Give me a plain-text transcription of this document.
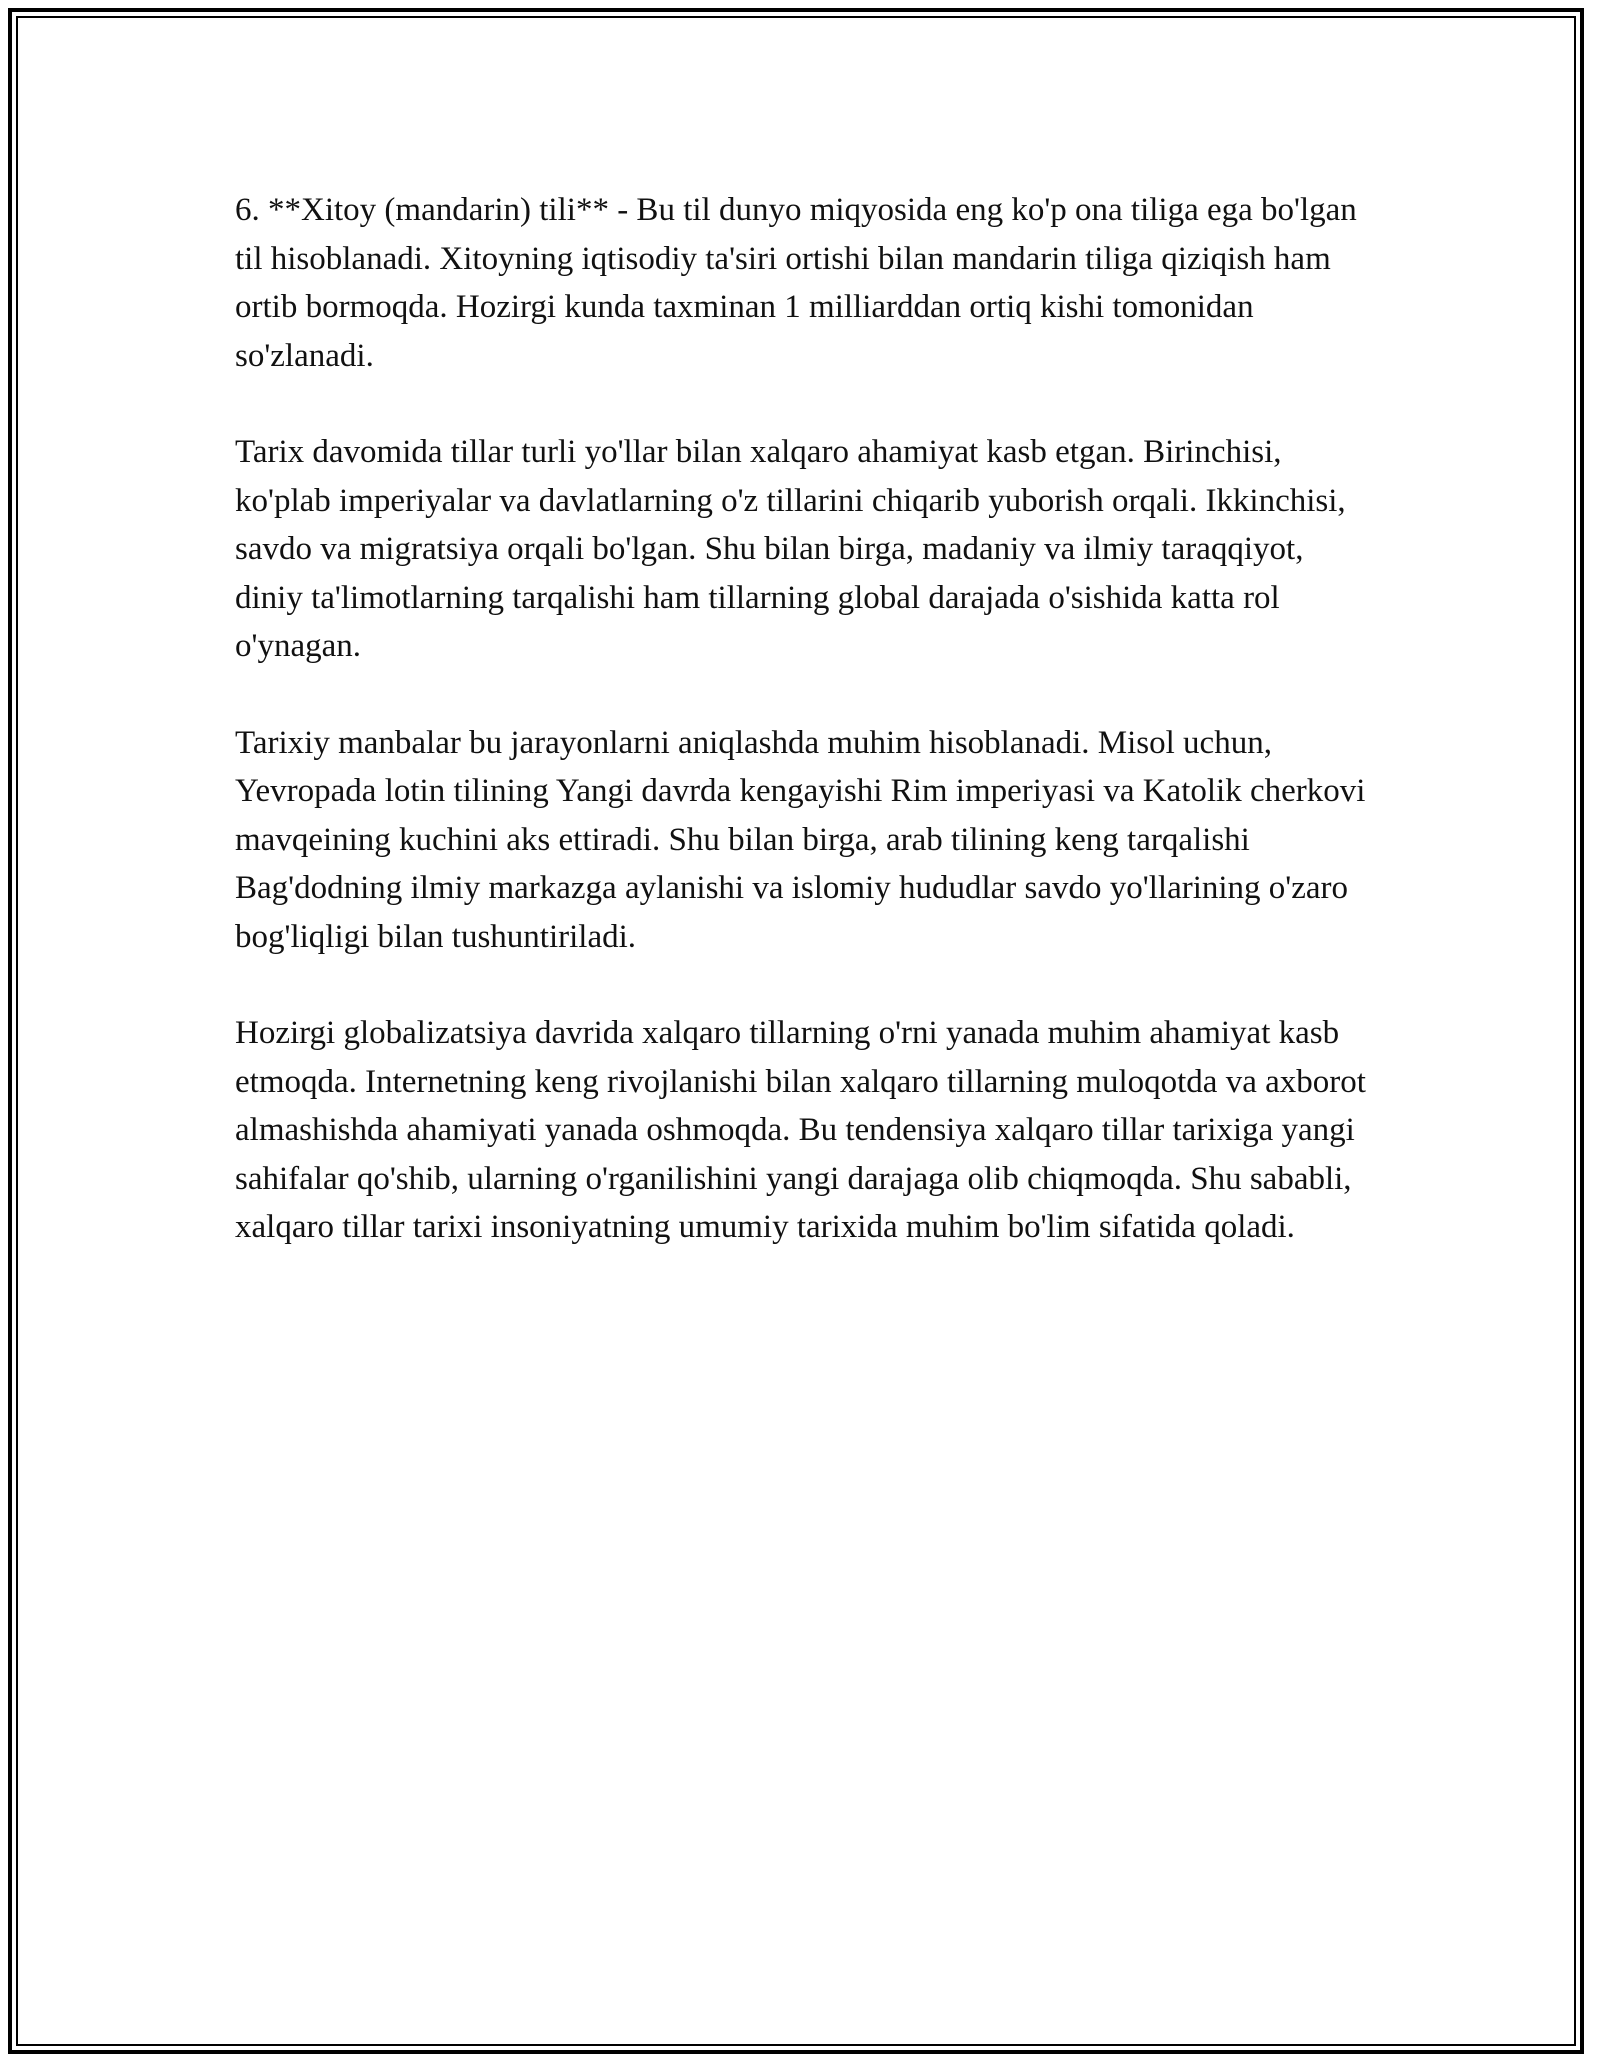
6. **Xitoy (mandarin) tili** - Bu til dunyo miqyosida eng ko'p ona tiliga ega bo'lgan til hisoblanadi. Xitoyning iqtisodiy ta'siri ortishi bilan mandarin tiliga qiziqish ham ortib bormoqda. Hozirgi kunda taxminan 1 milliarddan ortiq kishi tomonidan so'zlanadi.

Tarix davomida tillar turli yo'llar bilan xalqaro ahamiyat kasb etgan. Birinchisi, ko'plab imperiyalar va davlatlarning o'z tillarini chiqarib yuborish orqali. Ikkinchisi, savdo va migratsiya orqali bo'lgan. Shu bilan birga, madaniy va ilmiy taraqqiyot, diniy ta'limotlarning tarqalishi ham tillarning global darajada o'sishida katta rol o'ynagan.

Tarixiy manbalar bu jarayonlarni aniqlashda muhim hisoblanadi. Misol uchun, Yevropada lotin tilining Yangi davrda kengayishi Rim imperiyasi va Katolik cherkovi mavqeining kuchini aks ettiradi. Shu bilan birga, arab tilining keng tarqalishi Bag'dodning ilmiy markazga aylanishi va islomiy hududlar savdo yo'llarining o'zaro bog'liqligi bilan tushuntiriladi.

Hozirgi globalizatsiya davrida xalqaro tillarning o'rni yanada muhim ahamiyat kasb etmoqda. Internetning keng rivojlanishi bilan xalqaro tillarning muloqotda va axborot almashishda ahamiyati yanada oshmoqda. Bu tendensiya xalqaro tillar tarixiga yangi sahifalar qo'shib, ularning o'rganilishini yangi darajaga olib chiqmoqda. Shu sababli, xalqaro tillar tarixi insoniyatning umumiy tarixida muhim bo'lim sifatida qoladi.
